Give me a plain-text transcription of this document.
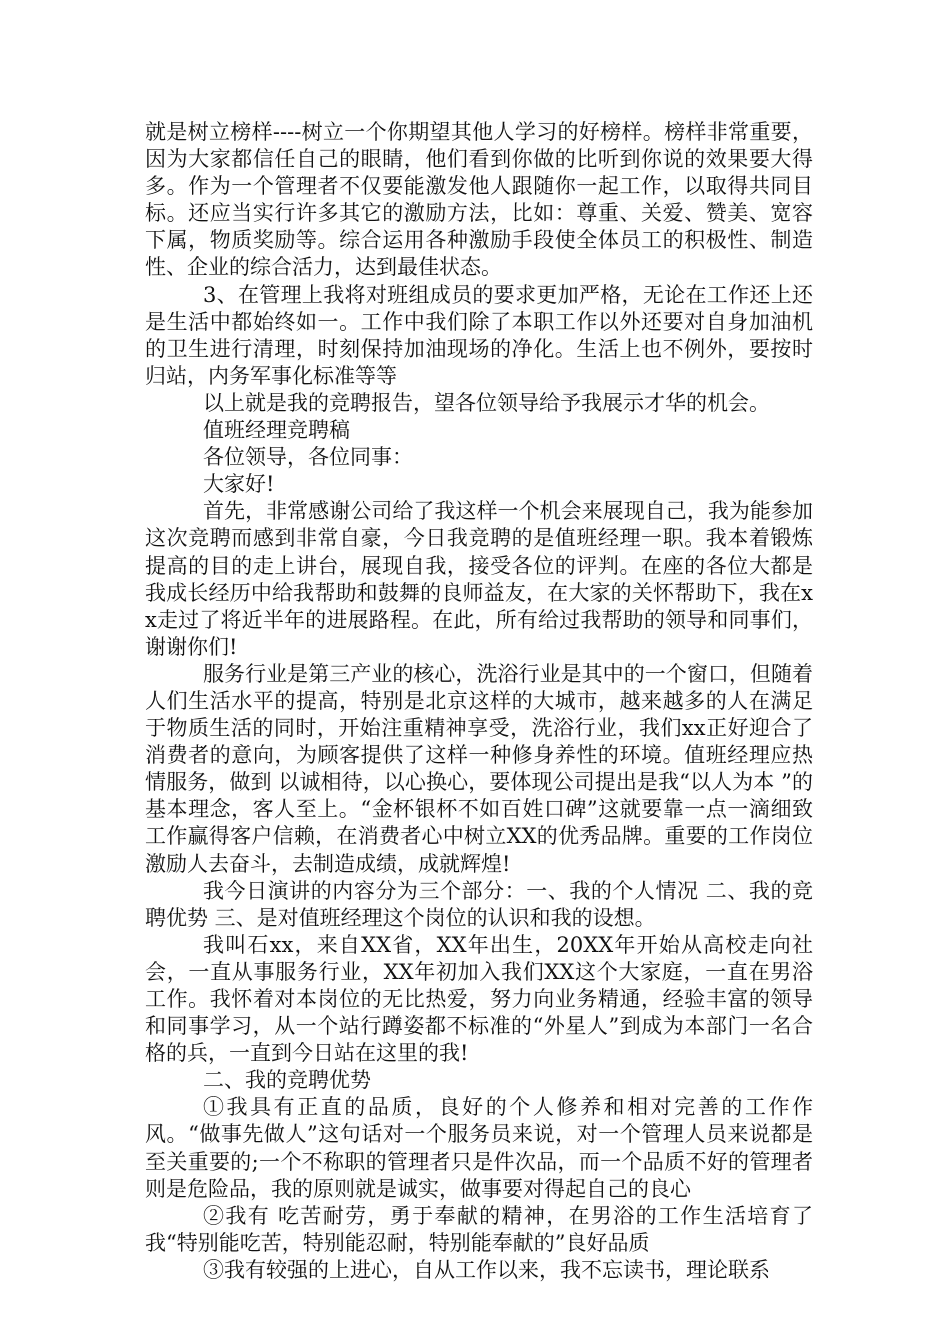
就是树立榜样----树立一个你期望其他人学习的好榜样。榜样非常重要，因为大家都信任自己的眼睛，他们看到你做的比听到你说的效果要大得多。作为一个管理者不仅要能激发他人跟随你一起工作，以取得共同目标。还应当实行许多其它的激励方法，比如：尊重、关爱、赞美、宽容下属，物质奖励等。综合运用各种激励手段使全体员工的积极性、制造性、企业的综合活力，达到最佳状态。

3、在管理上我将对班组成员的要求更加严格，无论在工作还上还是生活中都始终如一。工作中我们除了本职工作以外还要对自身加油机的卫生进行清理，时刻保持加油现场的净化。生活上也不例外，要按时归站，内务军事化标准等等

以上就是我的竞聘报告，望各位领导给予我展示才华的机会。

值班经理竞聘稿

各位领导，各位同事：

大家好!

首先，非常感谢公司给了我这样一个机会来展现自己，我为能参加这次竞聘而感到非常自豪，今日我竞聘的是值班经理一职。我本着锻炼提高的目的走上讲台，展现自我，接受各位的评判。在座的各位大都是我成长经历中给我帮助和鼓舞的良师益友，在大家的关怀帮助下，我在xx走过了将近半年的进展路程。在此，所有给过我帮助的领导和同事们，谢谢你们!

服务行业是第三产业的核心，洗浴行业是其中的一个窗口，但随着人们生活水平的提高，特别是北京这样的大城市，越来越多的人在满足于物质生活的同时，开始注重精神享受，洗浴行业，我们xx正好迎合了消费者的意向，为顾客提供了这样一种修身养性的环境。值班经理应热情服务，做到 以诚相待，以心换心，要体现公司提出是我“以人为本 ”的基本理念，客人至上。“金杯银杯不如百姓口碑”这就要靠一点一滴细致工作赢得客户信赖，在消费者心中树立XX的优秀品牌。重要的工作岗位激励人去奋斗，去制造成绩，成就辉煌!

我今日演讲的内容分为三个部分：一、我的个人情况 二、我的竞聘优势 三、是对值班经理这个岗位的认识和我的设想。

我叫石xx，来自XX省，XX年出生，20XX年开始从高校走向社会，一直从事服务行业，XX年初加入我们XX这个大家庭，一直在男浴工作。我怀着对本岗位的无比热爱，努力向业务精通，经验丰富的领导和同事学习，从一个站行蹲姿都不标准的“外星人”到成为本部门一名合格的兵，一直到今日站在这里的我!

二、我的竞聘优势

①我具有正直的品质，良好的个人修养和相对完善的工作作风。“做事先做人”这句话对一个服务员来说，对一个管理人员来说都是至关重要的;一个不称职的管理者只是件次品，而一个品质不好的管理者则是危险品，我的原则就是诚实，做事要对得起自己的良心

②我有 吃苦耐劳，勇于奉献的精神，在男浴的工作生活培育了我“特别能吃苦，特别能忍耐，特别能奉献的”良好品质

③我有较强的上进心，自从工作以来，我不忘读书，理论联系
